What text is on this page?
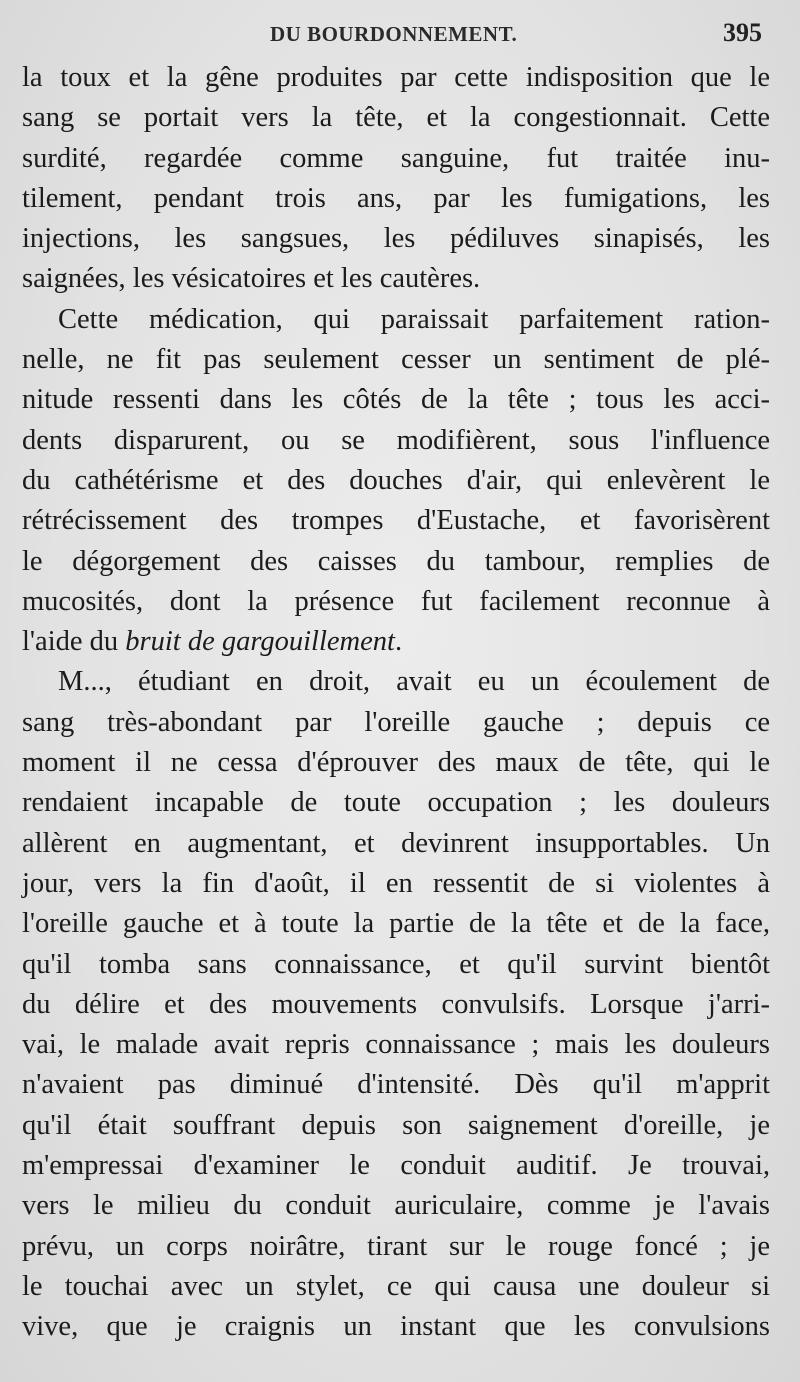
DU BOURDONNEMENT.	395
la toux et la gêne produites par cette indisposition que le
sang se portait vers la tête, et la congestionnait. Cette
surdité, regardée comme sanguine, fut traitée inu-
tilement, pendant trois ans, par les fumigations, les
injections, les sangsues, les pédiluves sinapisés, les
saignées, les vésicatoires et les cautères.
Cette médication, qui paraissait parfaitement ration-
nelle, ne fit pas seulement cesser un sentiment de plé-
nitude ressenti dans les côtés de la tête ; tous les acci-
dents disparurent, ou se modifièrent, sous l'influence
du cathétérisme et des douches d'air, qui enlevèrent le
rétrécissement des trompes d'Eustache, et favorisèrent
le dégorgement des caisses du tambour, remplies de
mucosités, dont la présence fut facilement reconnue à
l'aide du bruit de gargouillement.
M..., étudiant en droit, avait eu un écoulement de
sang très-abondant par l'oreille gauche ; depuis ce
moment il ne cessa d'éprouver des maux de tête, qui le
rendaient incapable de toute occupation ; les douleurs
allèrent en augmentant, et devinrent insupportables. Un
jour, vers la fin d'août, il en ressentit de si violentes à
l'oreille gauche et à toute la partie de la tête et de la face,
qu'il tomba sans connaissance, et qu'il survint bientôt
du délire et des mouvements convulsifs. Lorsque j'arri-
vai, le malade avait repris connaissance ; mais les douleurs
n'avaient pas diminué d'intensité. Dès qu'il m'apprit
qu'il était souffrant depuis son saignement d'oreille, je
m'empressai d'examiner le conduit auditif. Je trouvai,
vers le milieu du conduit auriculaire, comme je l'avais
prévu, un corps noirâtre, tirant sur le rouge foncé ; je
le touchai avec un stylet, ce qui causa une douleur si
vive, que je craignis un instant que les convulsions
